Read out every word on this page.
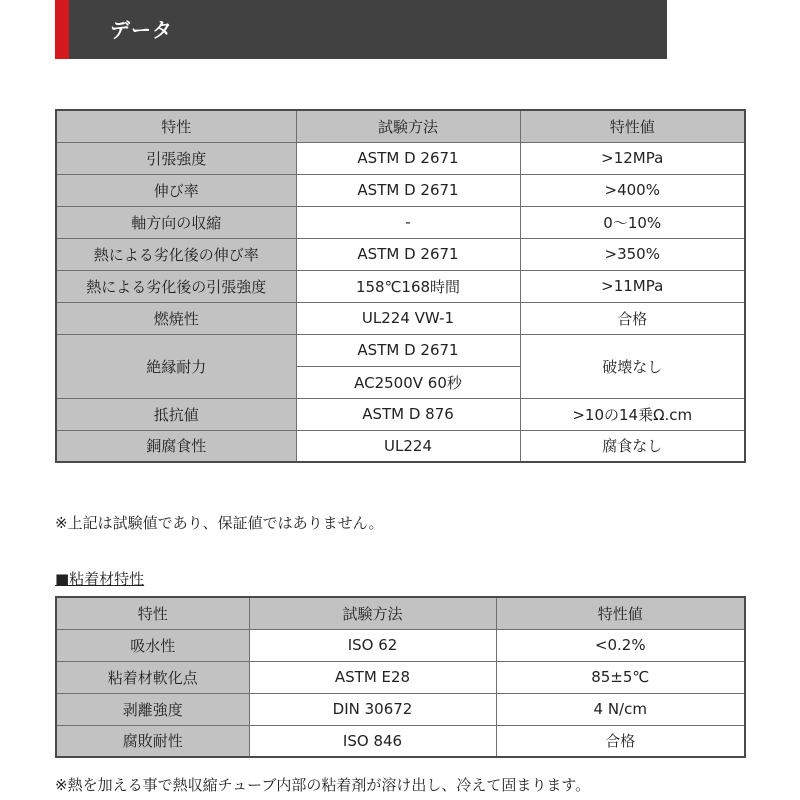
データ
特性	試験方法	特性値
引張強度	ASTM D 2671	>12MPa
伸び率	ASTM D 2671	>400%
軸方向の収縮	-	0〜10%
熱による劣化後の伸び率	ASTM D 2671	>350%
熱による劣化後の引張強度	158℃168時間	>11MPa
燃焼性	UL224 VW-1	合格
絶縁耐力	ASTM D 2671	破壊なし
	AC2500V 60秒	
抵抗値	ASTM D 876	>10の14乗Ω.cm
銅腐食性	UL224	腐食なし
※上記は試験値であり、保証値ではありません。
■粘着材特性
特性	試験方法	特性値
吸水性	ISO 62	<0.2%
粘着材軟化点	ASTM E28	85±5℃
剥離強度	DIN 30672	4 N/cm
腐敗耐性	ISO 846	合格
※熱を加える事で熱収縮チューブ内部の粘着剤が溶け出し、冷えて固まります。
